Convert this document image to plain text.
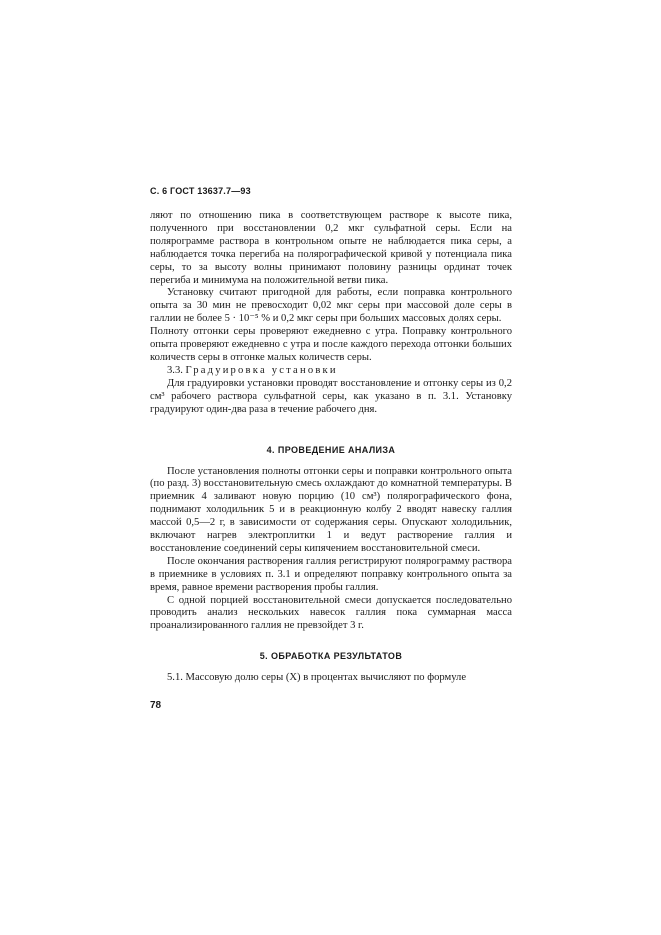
С. 6 ГОСТ 13637.7—93

ляют по отношению пика в соответствующем растворе к высоте пика, полученного при восстановлении 0,2 мкг сульфатной серы. Если на полярограмме раствора в контрольном опыте не наблюдается пика серы, а наблюдается точка перегиба на полярографической кривой у потенциала пика серы, то за высоту волны принимают половину разницы ординат точек перегиба и минимума на положительной ветви пика.

Установку считают пригодной для работы, если поправка контрольного опыта за 30 мин не превосходит 0,02 мкг серы при массовой доле серы в галлии не более 5 · 10⁻⁵ % и 0,2 мкг серы при больших массовых долях серы.

Полноту отгонки серы проверяют ежедневно с утра. Поправку контрольного опыта проверяют ежедневно с утра и после каждого перехода отгонки больших количеств серы в отгонке малых количеств серы.

3.3. Градуировка установки

Для градуировки установки проводят восстановление и отгонку серы из 0,2 см³ рабочего раствора сульфатной серы, как указано в п. 3.1. Установку градуируют один-два раза в течение рабочего дня.

4. ПРОВЕДЕНИЕ АНАЛИЗА

После установления полноты отгонки серы и поправки контрольного опыта (по разд. 3) восстановительную смесь охлаждают до комнатной температуры. В приемник 4 заливают новую порцию (10 см³) полярографического фона, поднимают холодильник 5 и в реакционную колбу 2 вводят навеску галлия массой 0,5—2 г, в зависимости от содержания серы. Опускают холодильник, включают нагрев электроплитки 1 и ведут растворение галлия и восстановление соединений серы кипячением восстановительной смеси.

После окончания растворения галлия регистрируют полярограмму раствора в приемнике в условиях п. 3.1 и определяют поправку контрольного опыта за время, равное времени растворения пробы галлия.

С одной порцией восстановительной смеси допускается последовательно проводить анализ нескольких навесок галлия пока суммарная масса проанализированного галлия не превзойдет 3 г.

5. ОБРАБОТКА РЕЗУЛЬТАТОВ

5.1. Массовую долю серы (X) в процентах вычисляют по формуле

78
